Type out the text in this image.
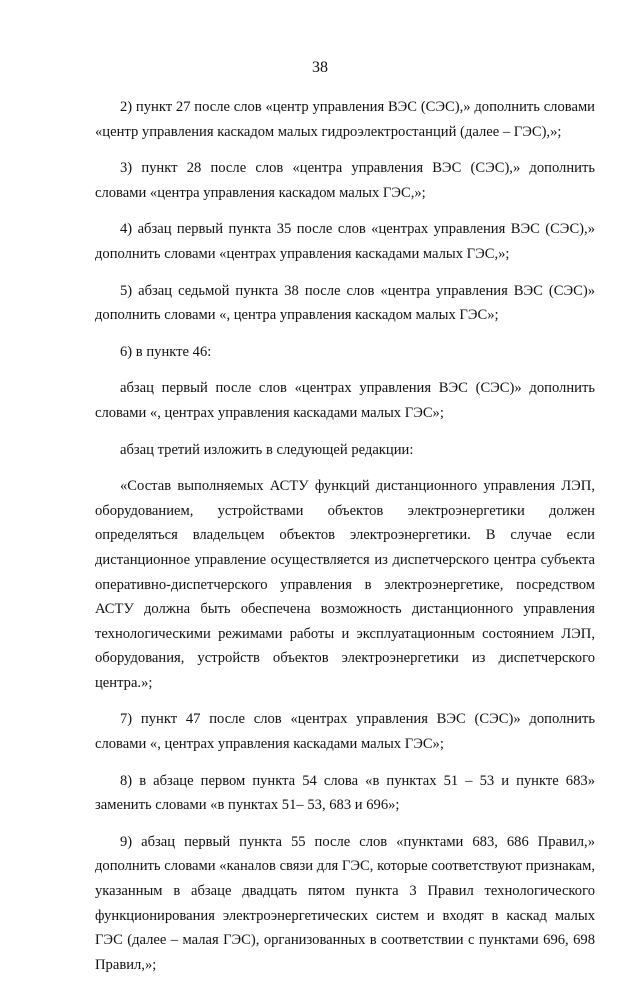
38

2) пункт 27 после слов «центр управления ВЭС (СЭС),» дополнить словами «центр управления каскадом малых гидроэлектростанций (далее – ГЭС),»;

3) пункт 28 после слов «центра управления ВЭС (СЭС),» дополнить словами «центра управления каскадом малых ГЭС,»;

4) абзац первый пункта 35 после слов «центрах управления ВЭС (СЭС),» дополнить словами «центрах управления каскадами малых ГЭС,»;

5) абзац седьмой пункта 38 после слов «центра управления ВЭС (СЭС)» дополнить словами «, центра управления каскадом малых ГЭС»;

6) в пункте 46:

абзац первый после слов «центрах управления ВЭС (СЭС)» дополнить словами «, центрах управления каскадами малых ГЭС»;

абзац третий изложить в следующей редакции:

«Состав выполняемых АСТУ функций дистанционного управления ЛЭП, оборудованием, устройствами объектов электроэнергетики должен определяться владельцем объектов электроэнергетики. В случае если дистанционное управление осуществляется из диспетчерского центра субъекта оперативно-диспетчерского управления в электроэнергетике, посредством АСТУ должна быть обеспечена возможность дистанционного управления технологическими режимами работы и эксплуатационным состоянием ЛЭП, оборудования, устройств объектов электроэнергетики из диспетчерского центра.»;

7) пункт 47 после слов «центрах управления ВЭС (СЭС)» дополнить словами «, центрах управления каскадами малых ГЭС»;

8) в абзаце первом пункта 54 слова «в пунктах 51 – 53 и пункте 683» заменить словами «в пунктах 51– 53, 683 и 696»;

9) абзац первый пункта 55 после слов «пунктами 683, 686 Правил,» дополнить словами «каналов связи для ГЭС, которые соответствуют признакам, указанным в абзаце двадцать пятом пункта 3 Правил технологического функционирования электроэнергетических систем и входят в каскад малых ГЭС (далее – малая ГЭС), организованных в соответствии с пунктами 696, 698 Правил,»;
